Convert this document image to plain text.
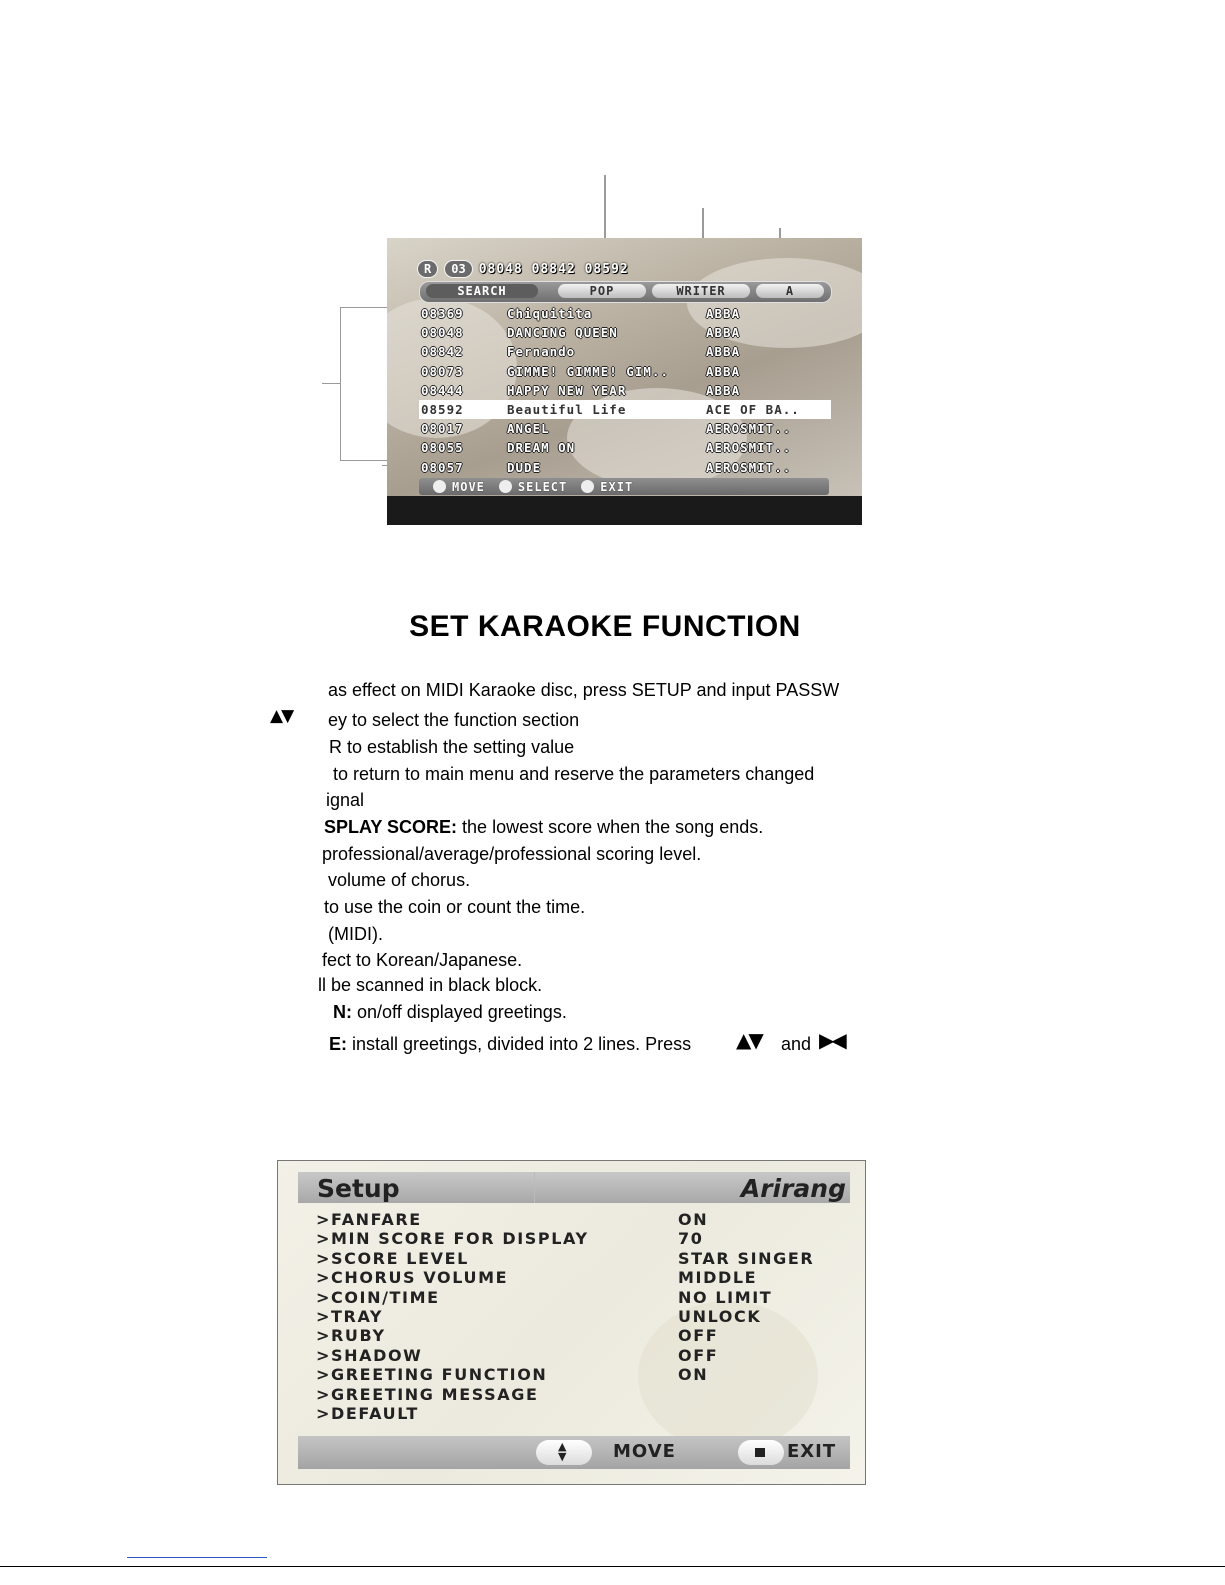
R	03	08048 08842 08592
SEARCH	POP	WRITER	A
08369	Chiquitita	ABBA
08048	DANCING QUEEN	ABBA
08842	Fernando	ABBA
08073	GIMME! GIMME! GIM..	ABBA
08444	HAPPY NEW YEAR	ABBA
08592	Beautiful Life	ACE OF BA..
08017	ANGEL	AEROSMIT..
08055	DREAM ON	AEROSMIT..
08057	DUDE	AEROSMIT..
MOVE	SELECT	EXIT
SET KARAOKE FUNCTION
as effect on MIDI Karaoke disc, press SETUP and input PASSW
▲▼ ey to select the function section
R to establish the setting value
to return to main menu and reserve the parameters changed
ignal
SPLAY SCORE: the lowest score when the song ends.
professional/average/professional scoring level.
volume of chorus.
to use the coin or count the time.
(MIDI).
fect to Korean/Japanese.
ll be scanned in black block.
N: on/off displayed greetings.
E: install greetings, divided into 2 lines. Press ▲▼ and ▶◀
Setup	Arirang
>FANFARE	ON
>MIN SCORE FOR DISPLAY	70
>SCORE LEVEL	STAR SINGER
>CHORUS VOLUME	MIDDLE
>COIN/TIME	NO LIMIT
>TRAY	UNLOCK
>RUBY	OFF
>SHADOW	OFF
>GREETING FUNCTION	ON
>GREETING MESSAGE
>DEFAULT
▲
▼	MOVE	EXIT
